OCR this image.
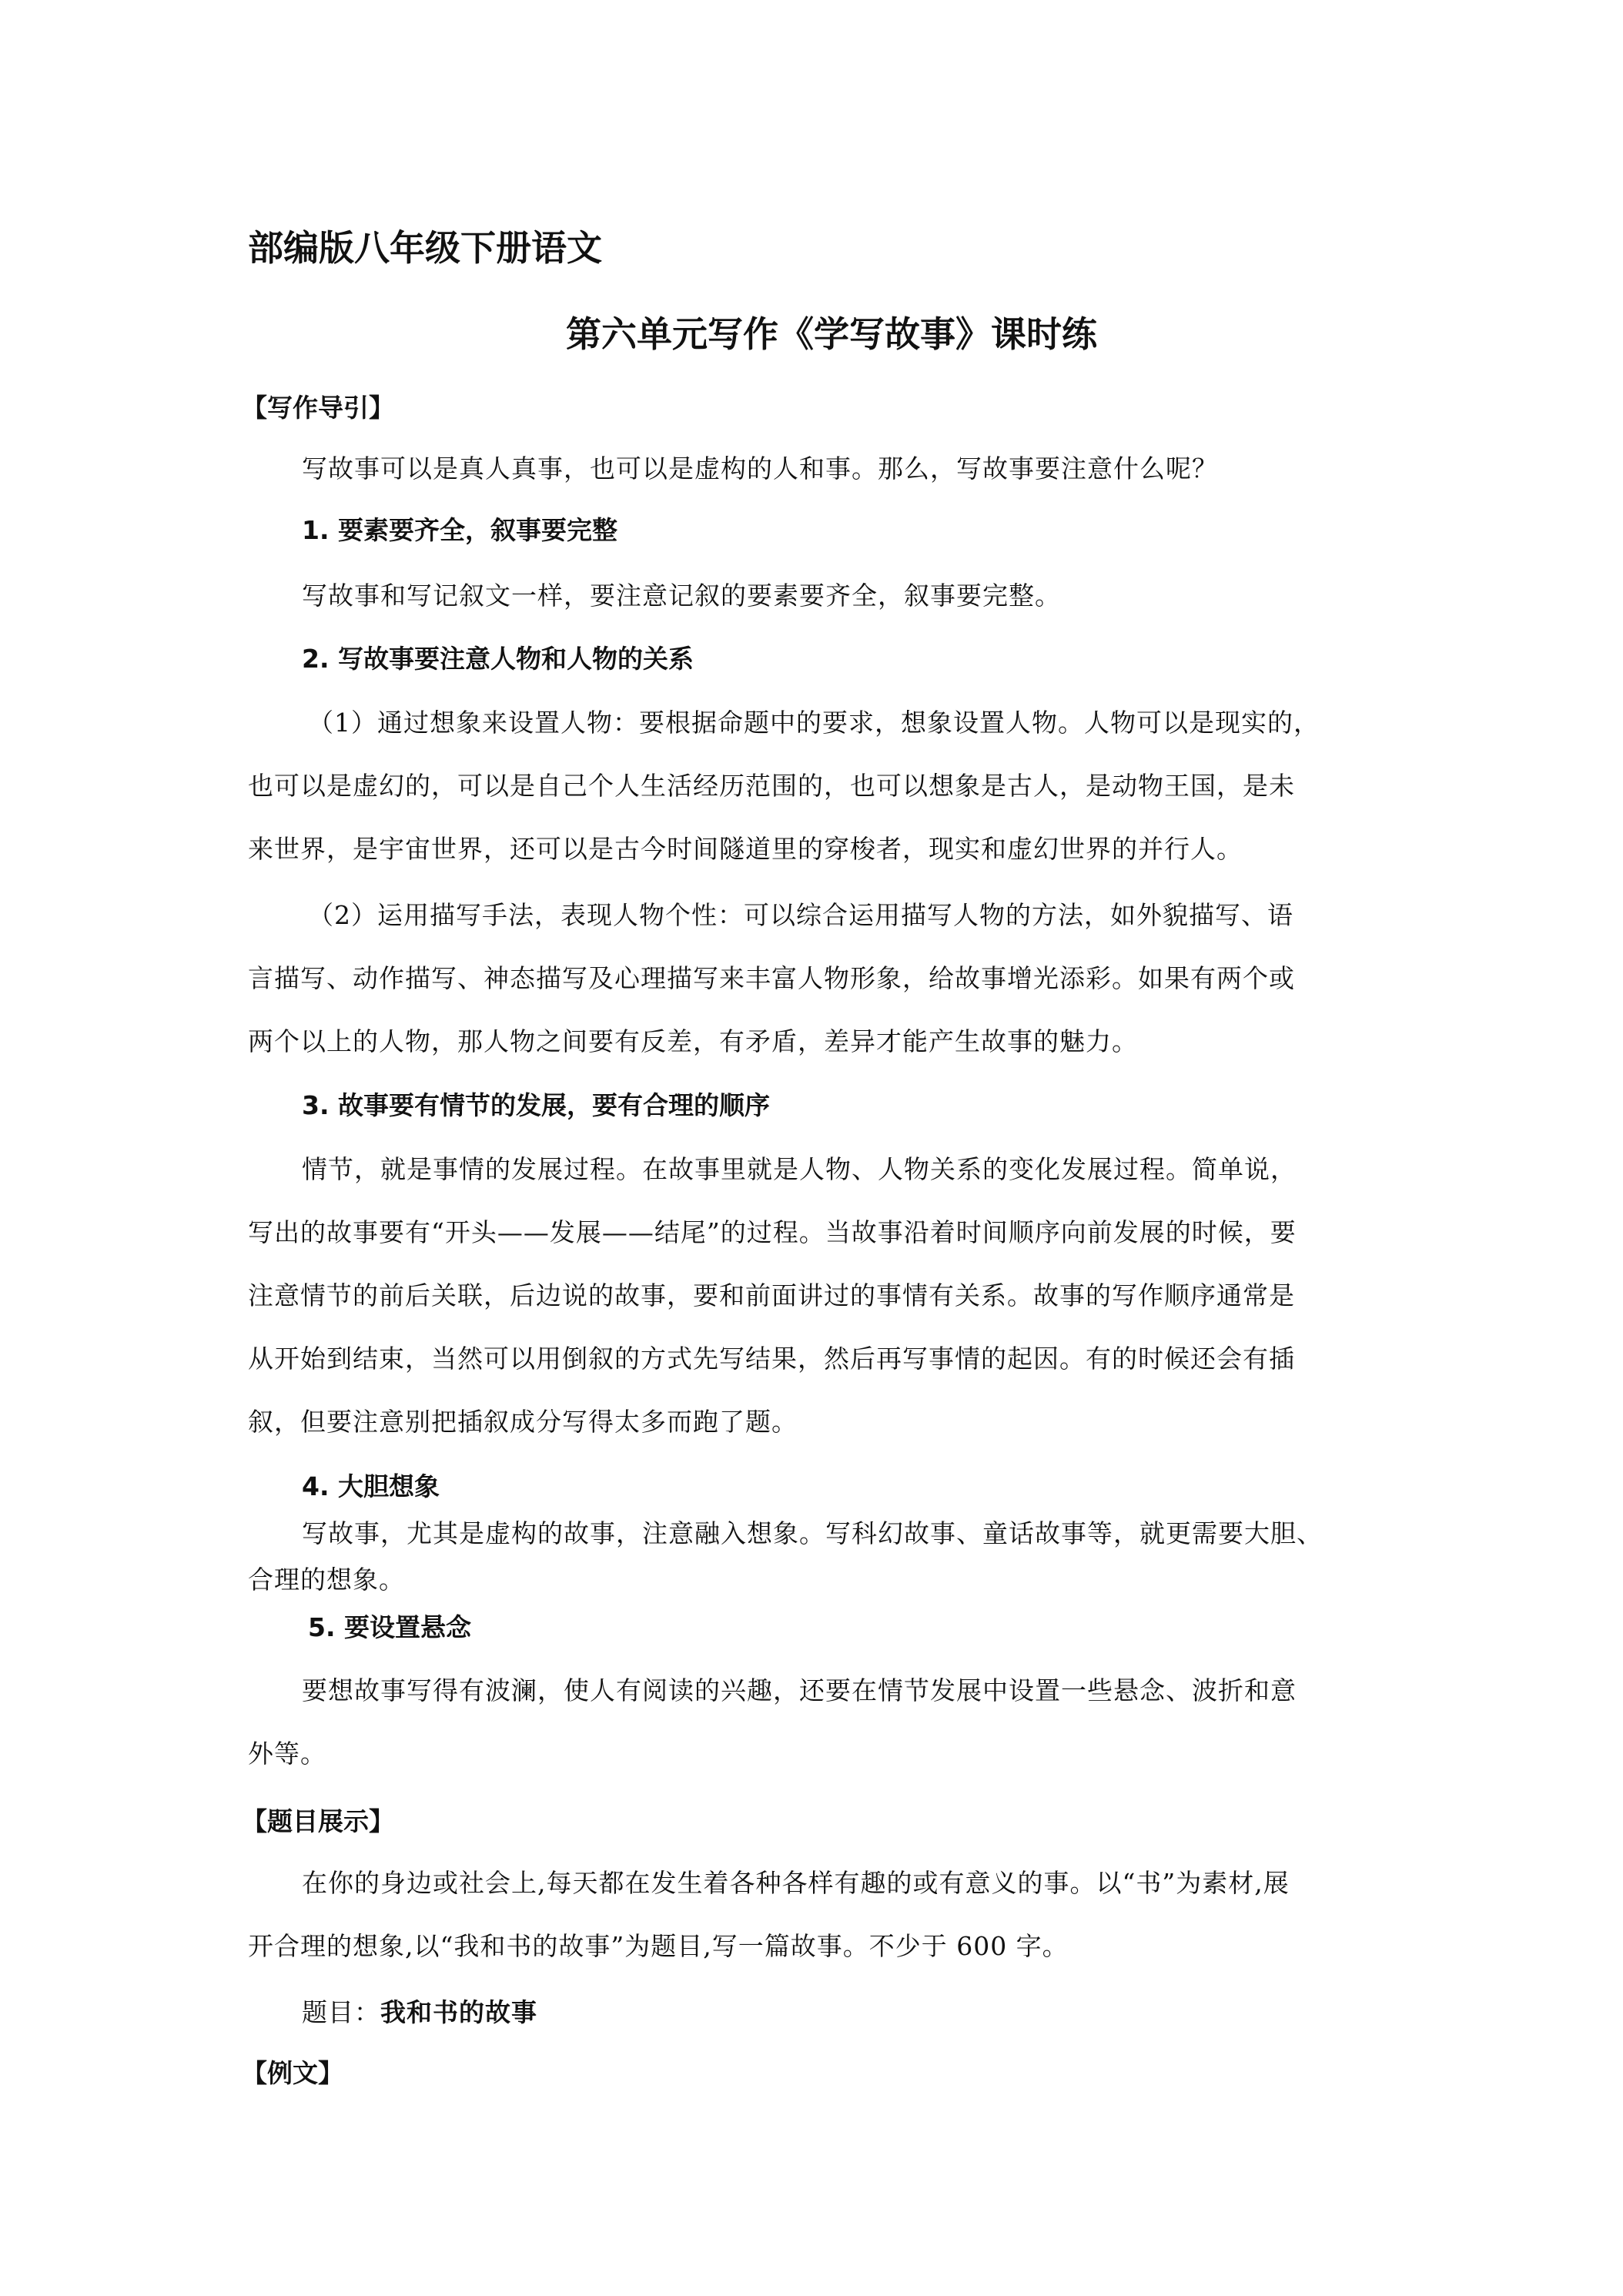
部编版八年级下册语文
第六单元写作《学写故事》课时练
【写作导引】
写故事可以是真人真事，也可以是虚构的人和事。那么，写故事要注意什么呢？
1. 要素要齐全，叙事要完整
写故事和写记叙文一样，要注意记叙的要素要齐全，叙事要完整。
2. 写故事要注意人物和人物的关系
（1）通过想象来设置人物：要根据命题中的要求，想象设置人物。人物可以是现实的，
也可以是虚幻的，可以是自己个人生活经历范围的，也可以想象是古人，是动物王国，是未
来世界，是宇宙世界，还可以是古今时间隧道里的穿梭者，现实和虚幻世界的并行人。
（2）运用描写手法，表现人物个性：可以综合运用描写人物的方法，如外貌描写、语
言描写、动作描写、神态描写及心理描写来丰富人物形象，给故事增光添彩。如果有两个或
两个以上的人物，那人物之间要有反差，有矛盾，差异才能产生故事的魅力。
3. 故事要有情节的发展，要有合理的顺序
情节，就是事情的发展过程。在故事里就是人物、人物关系的变化发展过程。简单说，
写出的故事要有“开头——发展——结尾”的过程。当故事沿着时间顺序向前发展的时候，要
注意情节的前后关联，后边说的故事，要和前面讲过的事情有关系。故事的写作顺序通常是
从开始到结束，当然可以用倒叙的方式先写结果，然后再写事情的起因。有的时候还会有插
叙，但要注意别把插叙成分写得太多而跑了题。
4. 大胆想象
写故事，尤其是虚构的故事，注意融入想象。写科幻故事、童话故事等，就更需要大胆、
合理的想象。
5. 要设置悬念
要想故事写得有波澜，使人有阅读的兴趣，还要在情节发展中设置一些悬念、波折和意
外等。
【题目展示】
在你的身边或社会上,每天都在发生着各种各样有趣的或有意义的事。以“书”为素材,展
开合理的想象,以“我和书的故事”为题目,写一篇故事。不少于 600 字。
题目：我和书的故事
【例文】
